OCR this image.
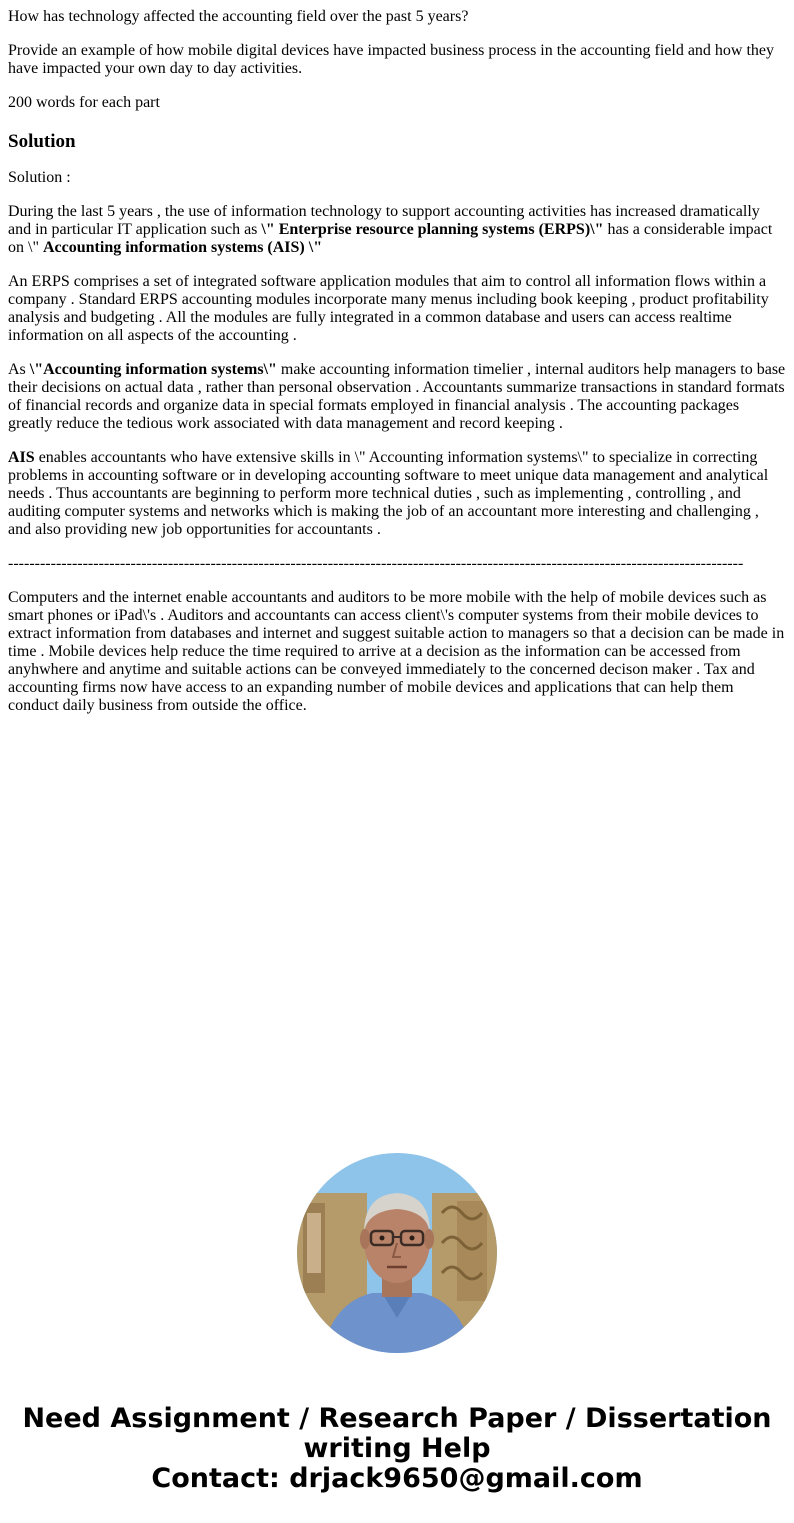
How has technology affected the accounting field over the past 5 years?

Provide an example of how mobile digital devices have impacted business process in the accounting field and how they have impacted your own day to day activities.

200 words for each part

Solution

Solution :

During the last 5 years , the use of information technology to support accounting activities has increased dramatically and in particular IT application such as \" Enterprise resource planning systems (ERPS)\" has a considerable impact on \" Accounting information systems (AIS) \"

An ERPS comprises a set of integrated software application modules that aim to control all information flows within a company . Standard ERPS accounting modules incorporate many menus including book keeping , product profitability analysis and budgeting . All the modules are fully integrated in a common database and users can access realtime information on all aspects of the accounting .

As \"Accounting information systems\" make accounting information timelier , internal auditors help managers to base their decisions on actual data , rather than personal observation . Accountants summarize transactions in standard formats of financial records and organize data in special formats employed in financial analysis . The accounting packages greatly reduce the tedious work associated with data management and record keeping .

AIS enables accountants who have extensive skills in \" Accounting information systems\" to specialize in correcting problems in accounting software or in developing accounting software to meet unique data management and analytical needs . Thus accountants are beginning to perform more technical duties , such as implementing , controlling , and auditing computer systems and networks which is making the job of an accountant more interesting and challenging , and also providing new job opportunities for accountants .

------------------------------------------------------------------------------------------------------------------------------------------

Computers and the internet enable accountants and auditors to be more mobile with the help of mobile devices such as smart phones or iPad\'s . Auditors and accountants can access client\'s computer systems from their mobile devices to extract information from databases and internet and suggest suitable action to managers so that a decision can be made in time . Mobile devices help reduce the time required to arrive at a decision as the information can be accessed from anyhwhere and anytime and suitable actions can be conveyed immediately to the concerned decison maker . Tax and accounting firms now have access to an expanding number of mobile devices and applications that can help them conduct daily business from outside the office.

Need Assignment / Research Paper / Dissertation writing Help
Contact: drjack9650@gmail.com
